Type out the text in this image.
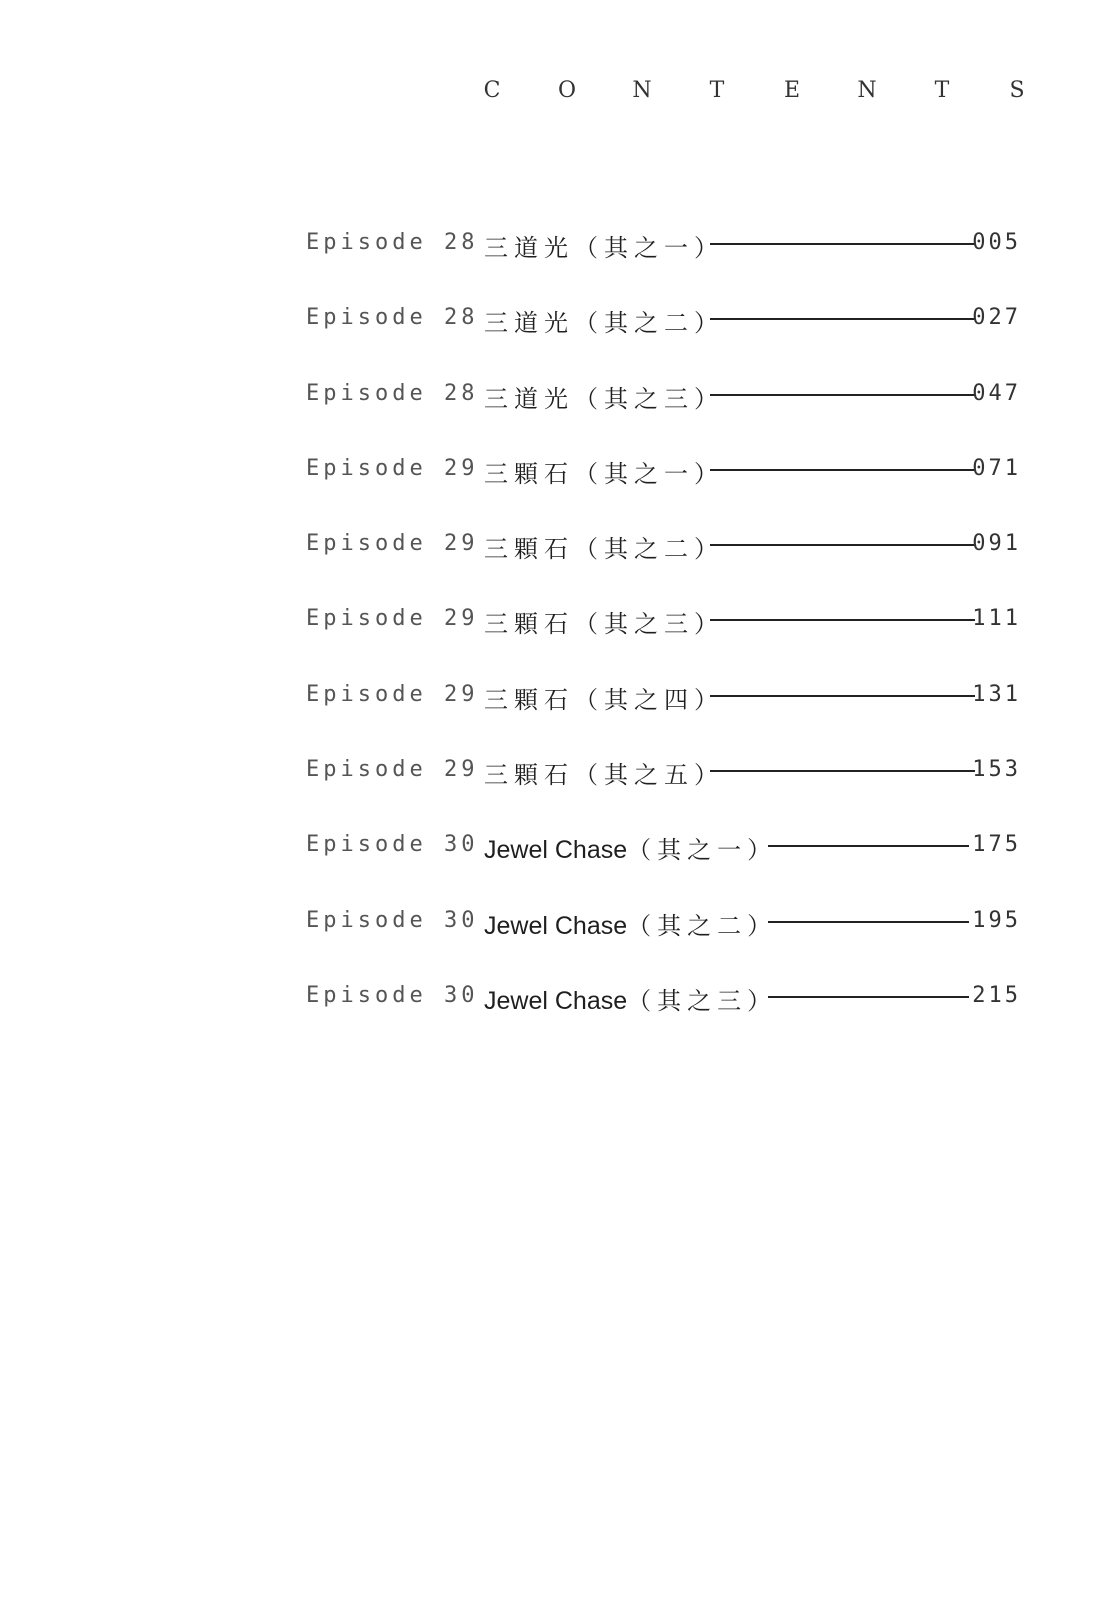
C	O	N	T	E	N	T	S
Episode 28 三道光（其之一）	005
Episode 28 三道光（其之二）	027
Episode 28 三道光（其之三）	047
Episode 29 三顆石（其之一）	071
Episode 29 三顆石（其之二）	091
Episode 29 三顆石（其之三）	111
Episode 29 三顆石（其之四）	131
Episode 29 三顆石（其之五）	153
Episode 30 Jewel Chase（其之一）	175
Episode 30 Jewel Chase（其之二）	195
Episode 30 Jewel Chase（其之三）	215
